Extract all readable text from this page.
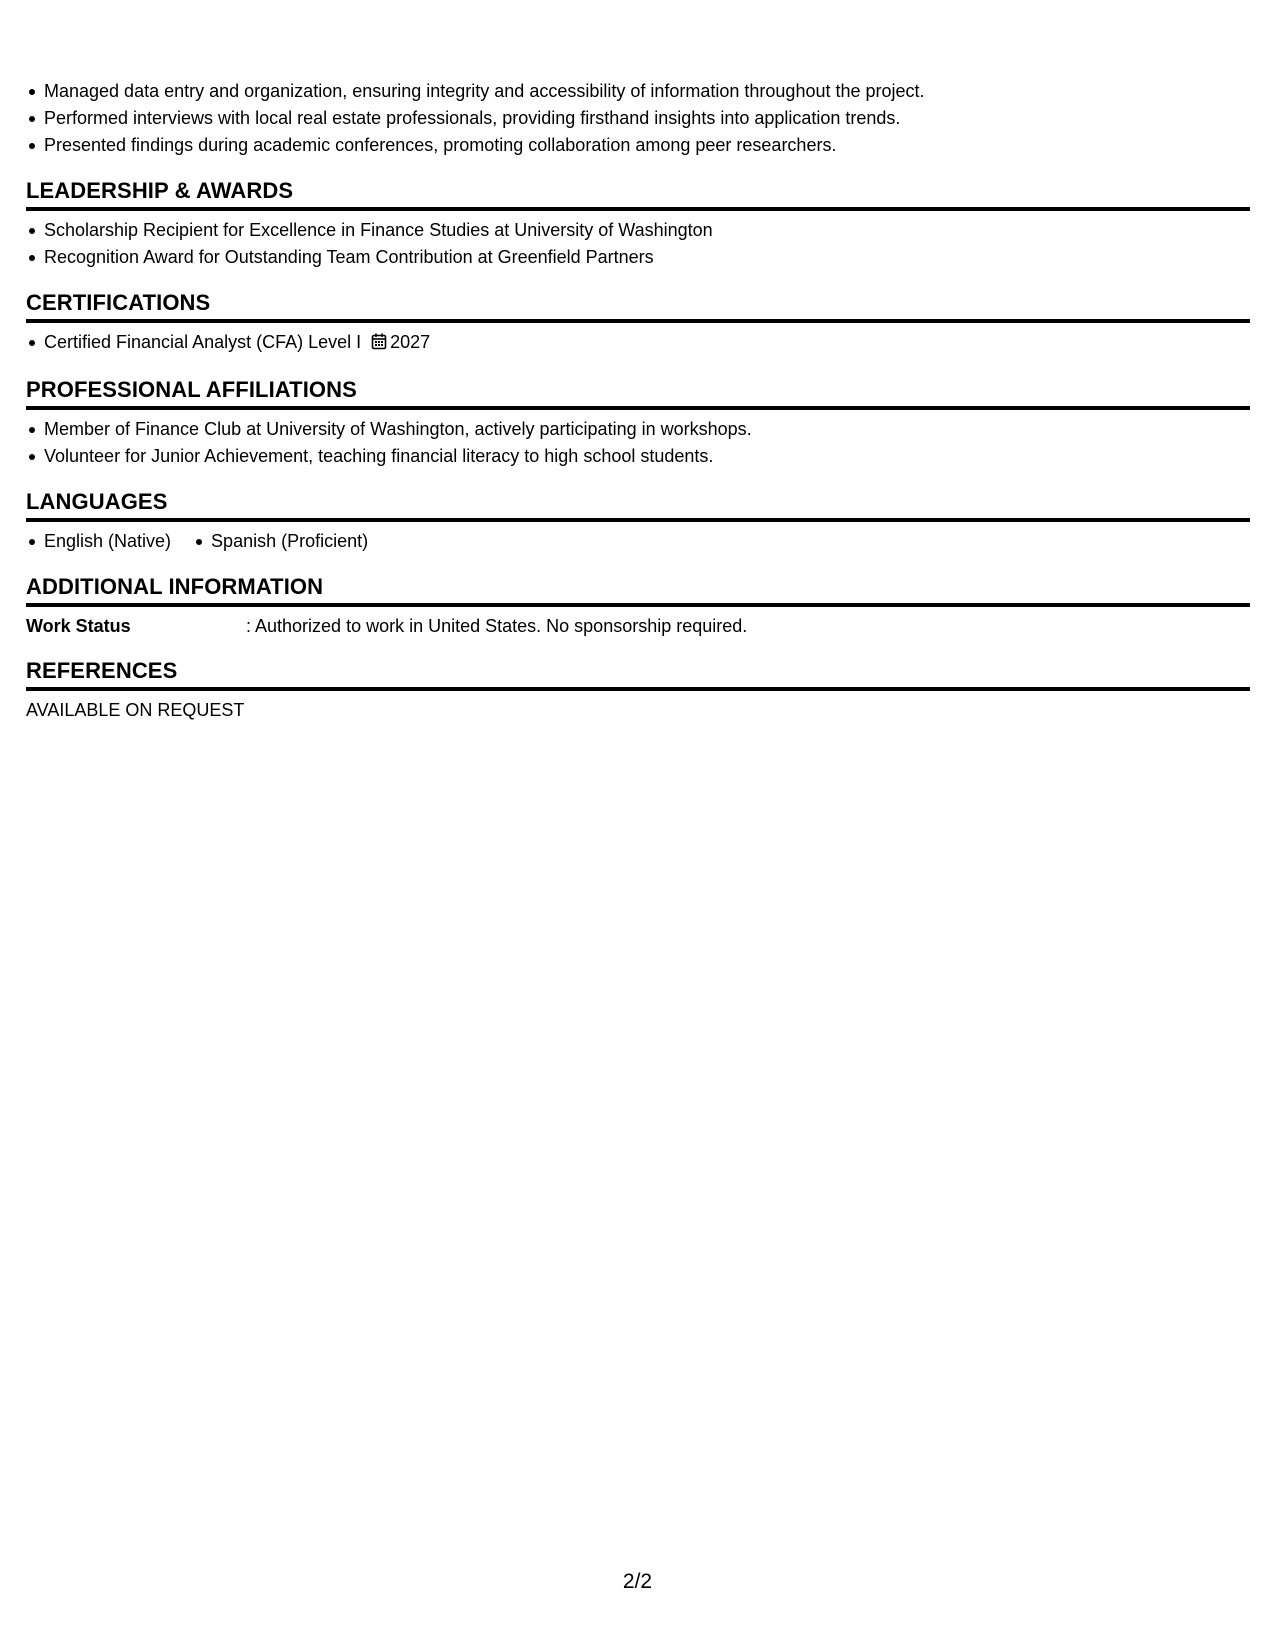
Managed data entry and organization, ensuring integrity and accessibility of information throughout the project.
Performed interviews with local real estate professionals, providing firsthand insights into application trends.
Presented findings during academic conferences, promoting collaboration among peer researchers.
LEADERSHIP & AWARDS
Scholarship Recipient for Excellence in Finance Studies at University of Washington
Recognition Award for Outstanding Team Contribution at Greenfield Partners
CERTIFICATIONS
Certified Financial Analyst (CFA) Level I 2027
PROFESSIONAL AFFILIATIONS
Member of Finance Club at University of Washington, actively participating in workshops.
Volunteer for Junior Achievement, teaching financial literacy to high school students.
LANGUAGES
English (Native) Spanish (Proficient)
ADDITIONAL INFORMATION
Work Status	: Authorized to work in United States. No sponsorship required.
REFERENCES
AVAILABLE ON REQUEST
2/2
